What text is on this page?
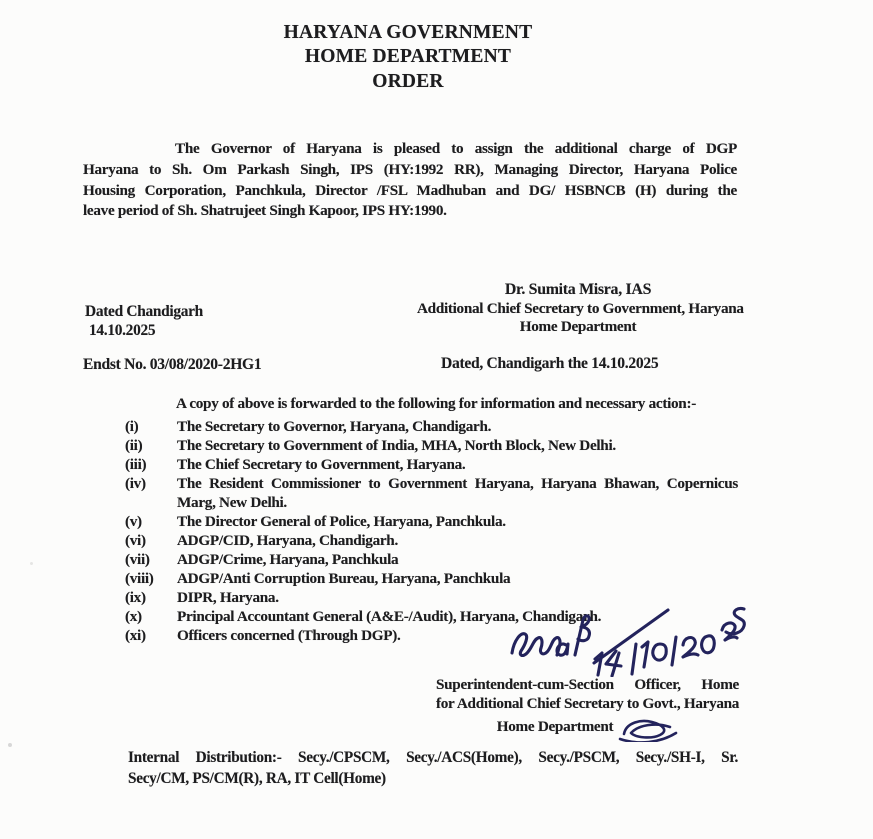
HARYANA GOVERNMENT
HOME DEPARTMENT
ORDER
The Governor of Haryana is pleased to assign the additional charge of DGP
Haryana to Sh. Om Parkash Singh, IPS (HY:1992 RR), Managing Director, Haryana Police
Housing Corporation, Panchkula, Director /FSL Madhuban and DG/ HSBNCB (H) during the
leave period of Sh. Shatrujeet Singh Kapoor, IPS HY:1990.
Dr. Sumita Misra, IAS
Additional Chief Secretary to Government, Haryana
Home Department
Dated Chandigarh
14.10.2025
Endst No. 03/08/2020-2HG1	Dated, Chandigarh the 14.10.2025
A copy of above is forwarded to the following for information and necessary action:-
(i)	The Secretary to Governor, Haryana, Chandigarh.
(ii)	The Secretary to Government of India, MHA, North Block, New Delhi.
(iii)	The Chief Secretary to Government, Haryana.
(iv)	The Resident Commissioner to Government Haryana, Haryana Bhawan, Copernicus
Marg, New Delhi.
(v)	The Director General of Police, Haryana, Panchkula.
(vi)	ADGP/CID, Haryana, Chandigarh.
(vii)	ADGP/Crime, Haryana, Panchkula
(viii)	ADGP/Anti Corruption Bureau, Haryana, Panchkula
(ix)	DIPR, Haryana.
(x)	Principal Accountant General (A&E-/Audit), Haryana, Chandigarh.
(xi)	Officers concerned (Through DGP).
Superintendent-cum-Section Officer, Home
for Additional Chief Secretary to Govt., Haryana
Home Department
Internal Distribution:- Secy./CPSCM, Secy./ACS(Home), Secy./PSCM, Secy./SH-I, Sr.
Secy/CM, PS/CM(R), RA, IT Cell(Home)
